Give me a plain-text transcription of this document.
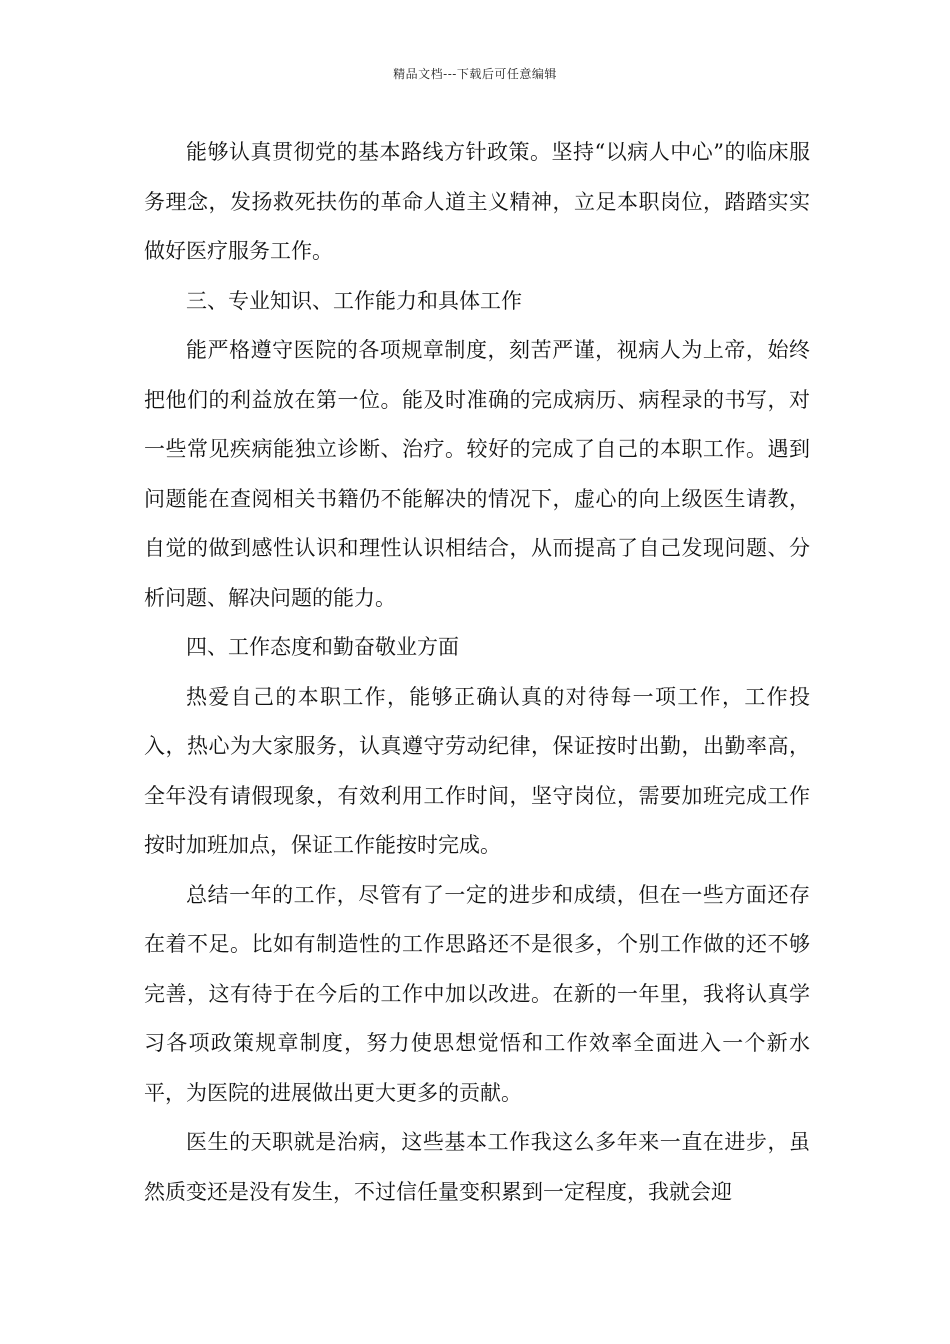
精品文档---下载后可任意编辑

能够认真贯彻党的基本路线方针政策。坚持“以病人中心”的临床服务理念，发扬救死扶伤的革命人道主义精神，立足本职岗位，踏踏实实做好医疗服务工作。

三、专业知识、工作能力和具体工作

能严格遵守医院的各项规章制度，刻苦严谨，视病人为上帝，始终把他们的利益放在第一位。能及时准确的完成病历、病程录的书写，对一些常见疾病能独立诊断、治疗。较好的完成了自己的本职工作。遇到问题能在查阅相关书籍仍不能解决的情况下，虚心的向上级医生请教，自觉的做到感性认识和理性认识相结合，从而提高了自己发现问题、分析问题、解决问题的能力。

四、工作态度和勤奋敬业方面

热爱自己的本职工作，能够正确认真的对待每一项工作，工作投入，热心为大家服务，认真遵守劳动纪律，保证按时出勤，出勤率高，全年没有请假现象，有效利用工作时间，坚守岗位，需要加班完成工作按时加班加点，保证工作能按时完成。

总结一年的工作，尽管有了一定的进步和成绩，但在一些方面还存在着不足。比如有制造性的工作思路还不是很多，个别工作做的还不够完善，这有待于在今后的工作中加以改进。在新的一年里，我将认真学习各项政策规章制度，努力使思想觉悟和工作效率全面进入一个新水平，为医院的进展做出更大更多的贡献。

医生的天职就是治病，这些基本工作我这么多年来一直在进步，虽然质变还是没有发生，不过信任量变积累到一定程度，我就会迎
